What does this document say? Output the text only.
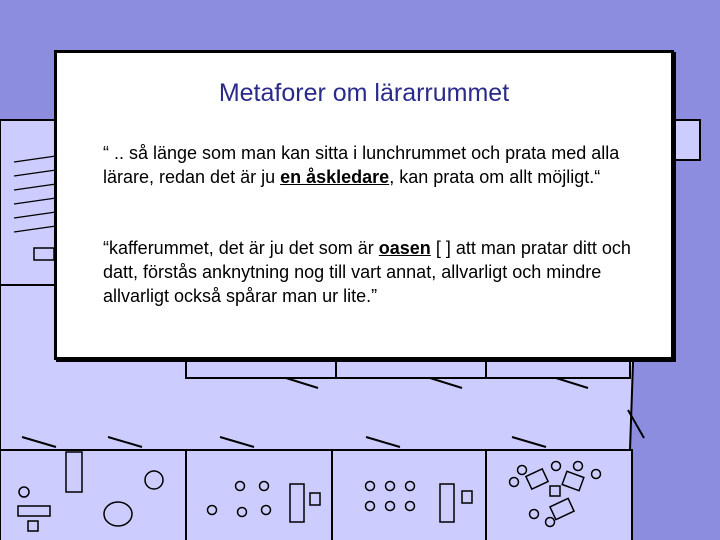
Metaforer om lärarrummet
“ .. så länge som man kan sitta i lunchrummet och prata med alla lärare, redan det är ju en åskledare, kan prata om allt möjligt.“
“kafferummet, det är ju det som är oasen [ ] att man pratar ditt och datt, förstås anknytning nog till vart annat, allvarligt och mindre allvarligt också spårar man ur lite.”
